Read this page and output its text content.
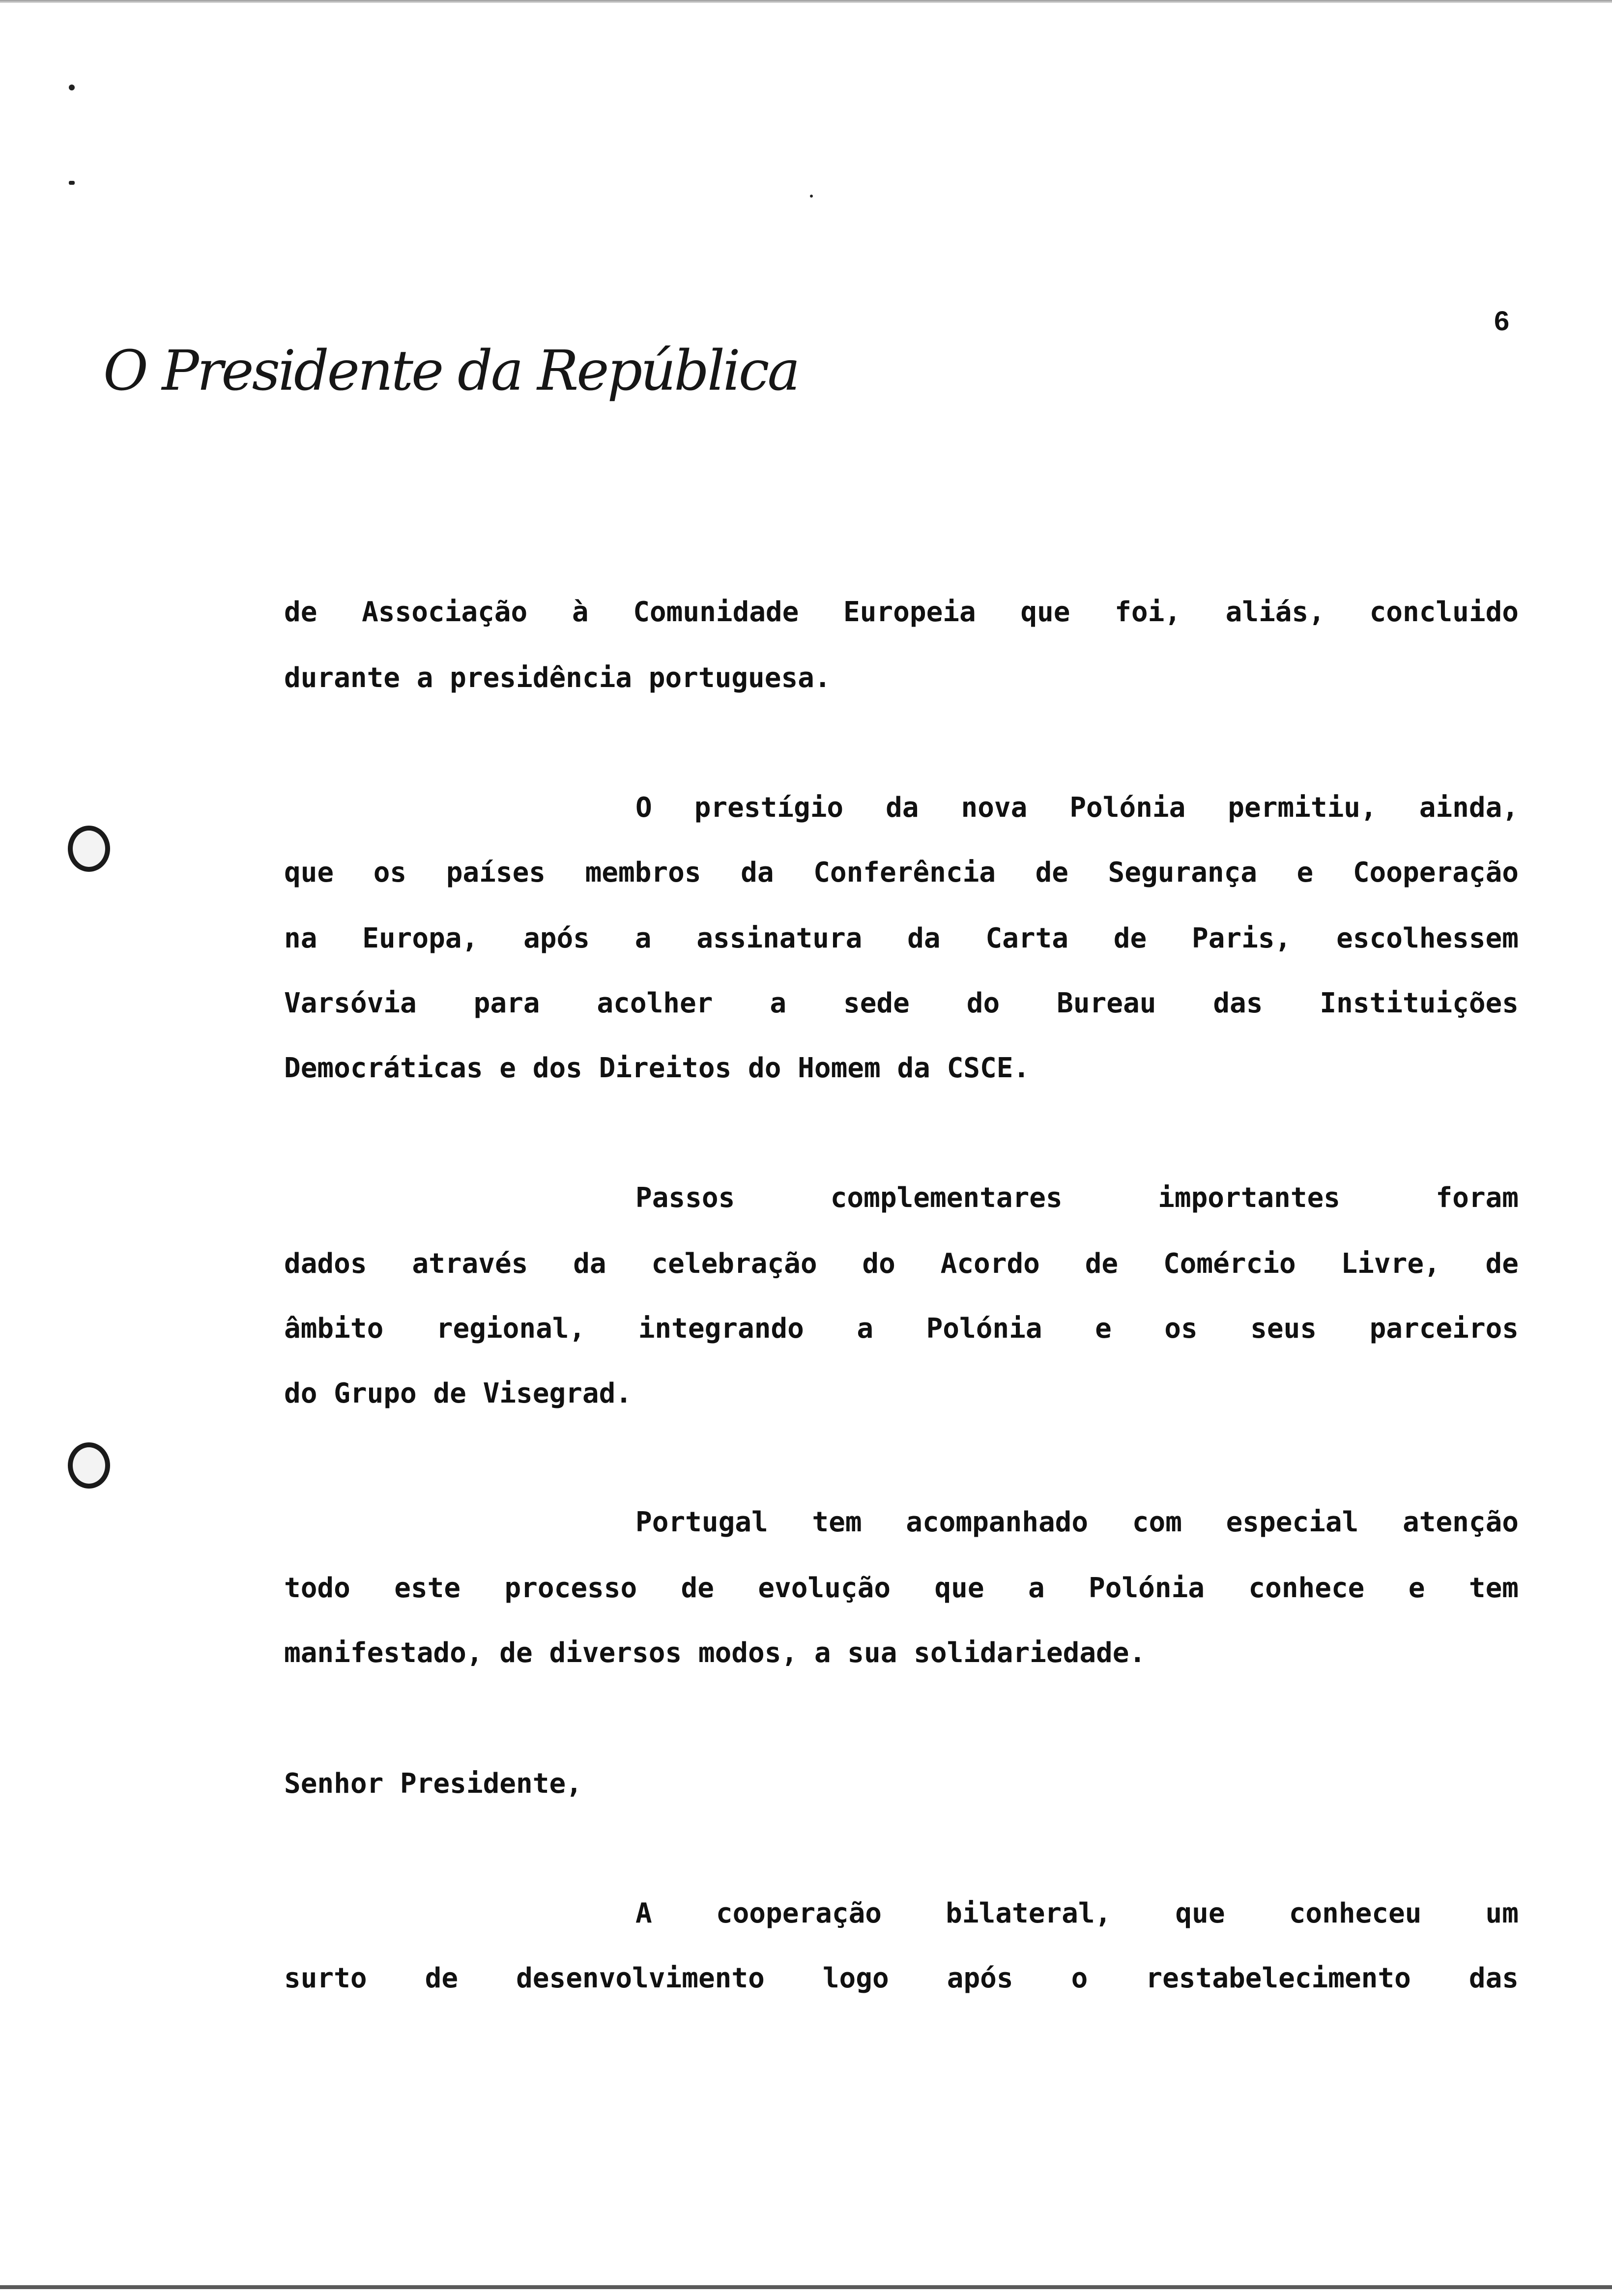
6
O Presidente da República
de Associação à Comunidade Europeia que foi, aliás, concluido
durante a presidência portuguesa.
O prestígio da nova Polónia permitiu, ainda,
que os países membros da Conferência de Segurança e Cooperação
na Europa, após a assinatura da Carta de Paris, escolhessem
Varsóvia para acolher a sede do Bureau das Instituições
Democráticas e dos Direitos do Homem da CSCE.
Passos complementares importantes foram
dados através da celebração do Acordo de Comércio Livre, de
âmbito regional, integrando a Polónia e os seus parceiros
do Grupo de Visegrad.
Portugal tem acompanhado com especial atenção
todo este processo de evolução que a Polónia conhece e tem
manifestado, de diversos modos, a sua solidariedade.
Senhor Presidente,
A cooperação bilateral, que conheceu um
surto de desenvolvimento logo após o restabelecimento das
